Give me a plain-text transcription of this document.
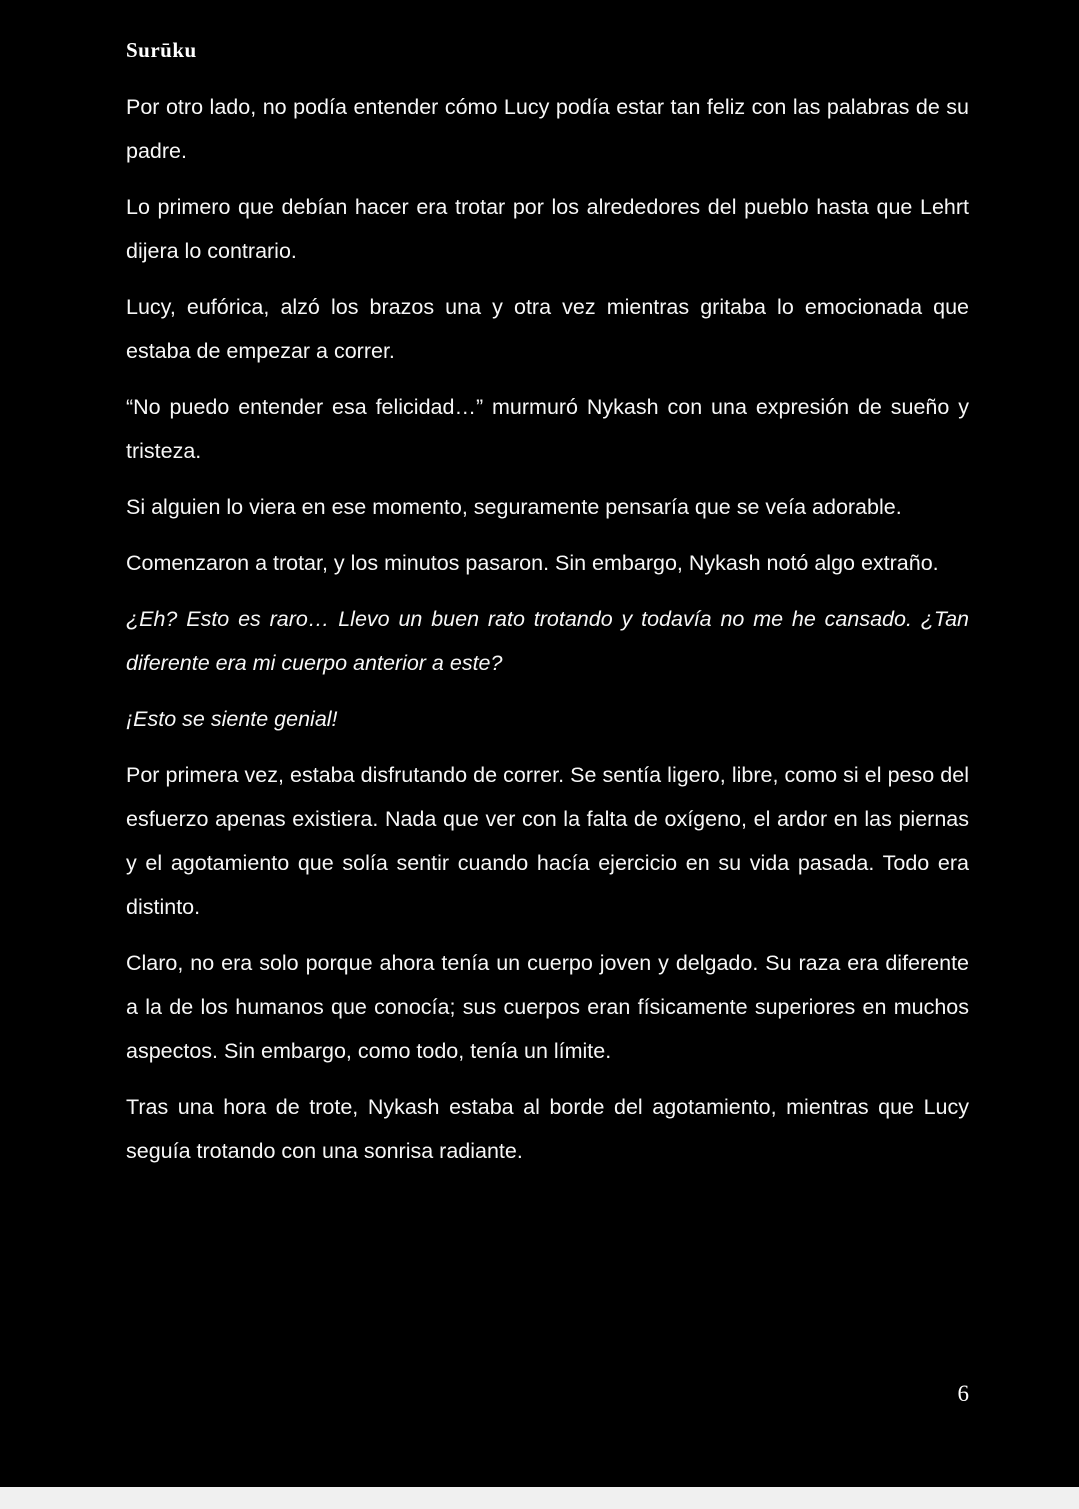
Surūku

Por otro lado, no podía entender cómo Lucy podía estar tan feliz con las palabras de su padre.

Lo primero que debían hacer era trotar por los alrededores del pueblo hasta que Lehrt dijera lo contrario.

Lucy, eufórica, alzó los brazos una y otra vez mientras gritaba lo emocionada que estaba de empezar a correr.

“No puedo entender esa felicidad…” murmuró Nykash con una expresión de sueño y tristeza.

Si alguien lo viera en ese momento, seguramente pensaría que se veía adorable.

Comenzaron a trotar, y los minutos pasaron. Sin embargo, Nykash notó algo extraño.

¿Eh? Esto es raro… Llevo un buen rato trotando y todavía no me he cansado. ¿Tan diferente era mi cuerpo anterior a este?

¡Esto se siente genial!

Por primera vez, estaba disfrutando de correr. Se sentía ligero, libre, como si el peso del esfuerzo apenas existiera. Nada que ver con la falta de oxígeno, el ardor en las piernas y el agotamiento que solía sentir cuando hacía ejercicio en su vida pasada. Todo era distinto.

Claro, no era solo porque ahora tenía un cuerpo joven y delgado. Su raza era diferente a la de los humanos que conocía; sus cuerpos eran físicamente superiores en muchos aspectos. Sin embargo, como todo, tenía un límite.

Tras una hora de trote, Nykash estaba al borde del agotamiento, mientras que Lucy seguía trotando con una sonrisa radiante.

6
